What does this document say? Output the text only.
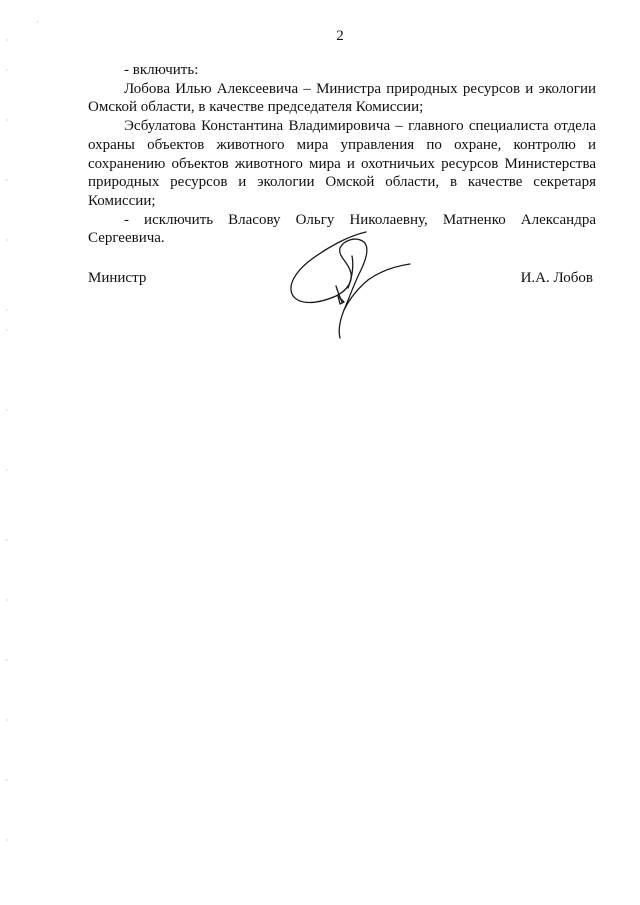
2

- включить:

Лобова Илью Алексеевича – Министра природных ресурсов и экологии Омской области, в качестве председателя Комиссии;

Эсбулатова Константина Владимировича – главного специалиста отдела охраны объектов животного мира управления по охране, контролю и сохранению объектов животного мира и охотничьих ресурсов Министерства природных ресурсов и экологии Омской области, в качестве секретаря Комиссии;

- исключить Власову Ольгу Николаевну, Матненко Александра Сергеевича.

Министр	И.А. Лобов
·
